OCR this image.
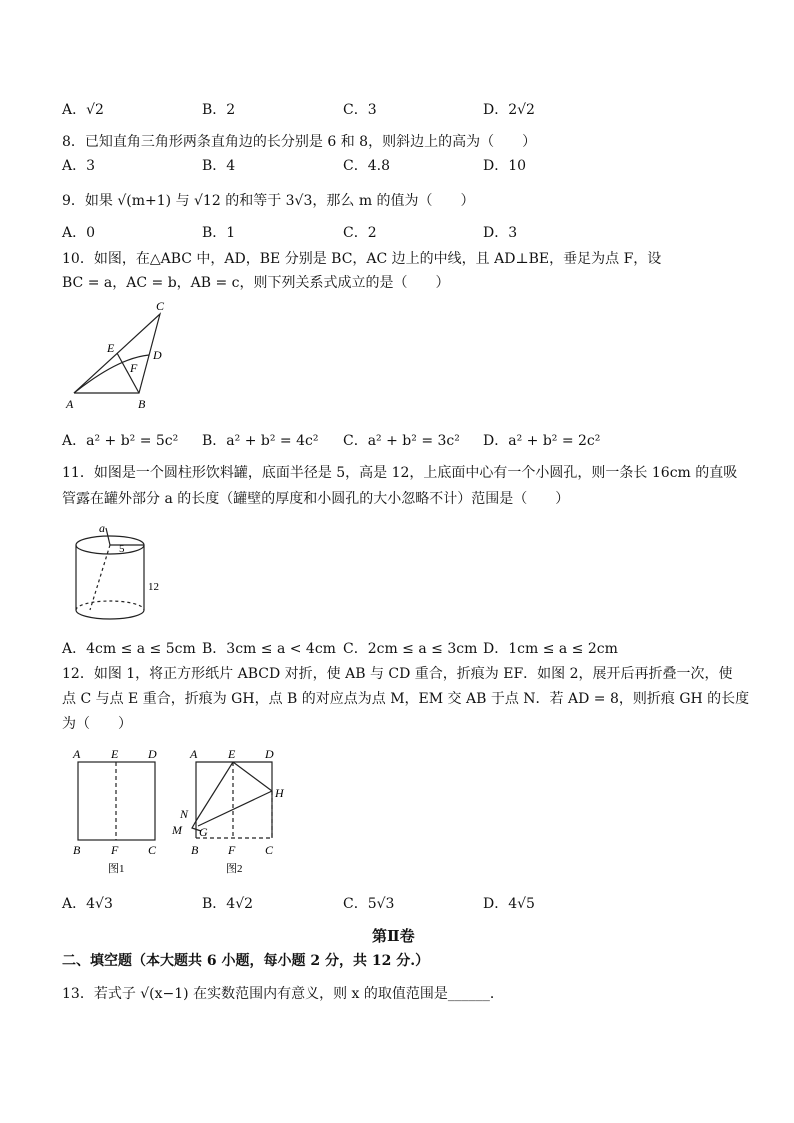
A．√2	B．2	C．3	D．2√2
8．已知直角三角形两条直角边的长分别是 6 和 8，则斜边上的高为（　　）
A．3	B．4	C．4.8	D．10
9．如果 √(m+1) 与 √12 的和等于 3√3，那么 m 的值为（　　）
A．0	B．1	C．2	D．3
10．如图，在△ABC 中，AD，BE 分别是 BC，AC 边上的中线，且 AD⊥BE，垂足为点 F，设
BC = a，AC = b，AB = c，则下列关系式成立的是（　　）
C
E	D
F
A	B
A．a² + b² = 5c² B．a² + b² = 4c² C．a² + b² = 3c² D．a² + b² = 2c²
11．如图是一个圆柱形饮料罐，底面半径是 5，高是 12，上底面中心有一个小圆孔，则一条长 16cm 的直吸
管露在罐外部分 a 的长度（罐壁的厚度和小圆孔的大小忽略不计）范围是（　　）
a
5
12
A．4cm ≤ a ≤ 5cm B．3cm ≤ a < 4cm C．2cm ≤ a ≤ 3cm D．1cm ≤ a ≤ 2cm
12．如图 1，将正方形纸片 ABCD 对折，使 AB 与 CD 重合，折痕为 EF．如图 2，展开后再折叠一次，使
点 C 与点 E 重合，折痕为 GH，点 B 的对应点为点 M，EM 交 AB 于点 N．若 AD = 8，则折痕 GH 的长度
为（　　）
A	E D
B	F C
图1
A	E D
H
N
M G
B F C
图2
A．4√3	B．4√2	C．5√3	D．4√5
第Ⅱ卷
二、填空题（本大题共 6 小题，每小题 2 分，共 12 分.）
13．若式子 √(x−1) 在实数范围内有意义，则 x 的取值范围是______．
